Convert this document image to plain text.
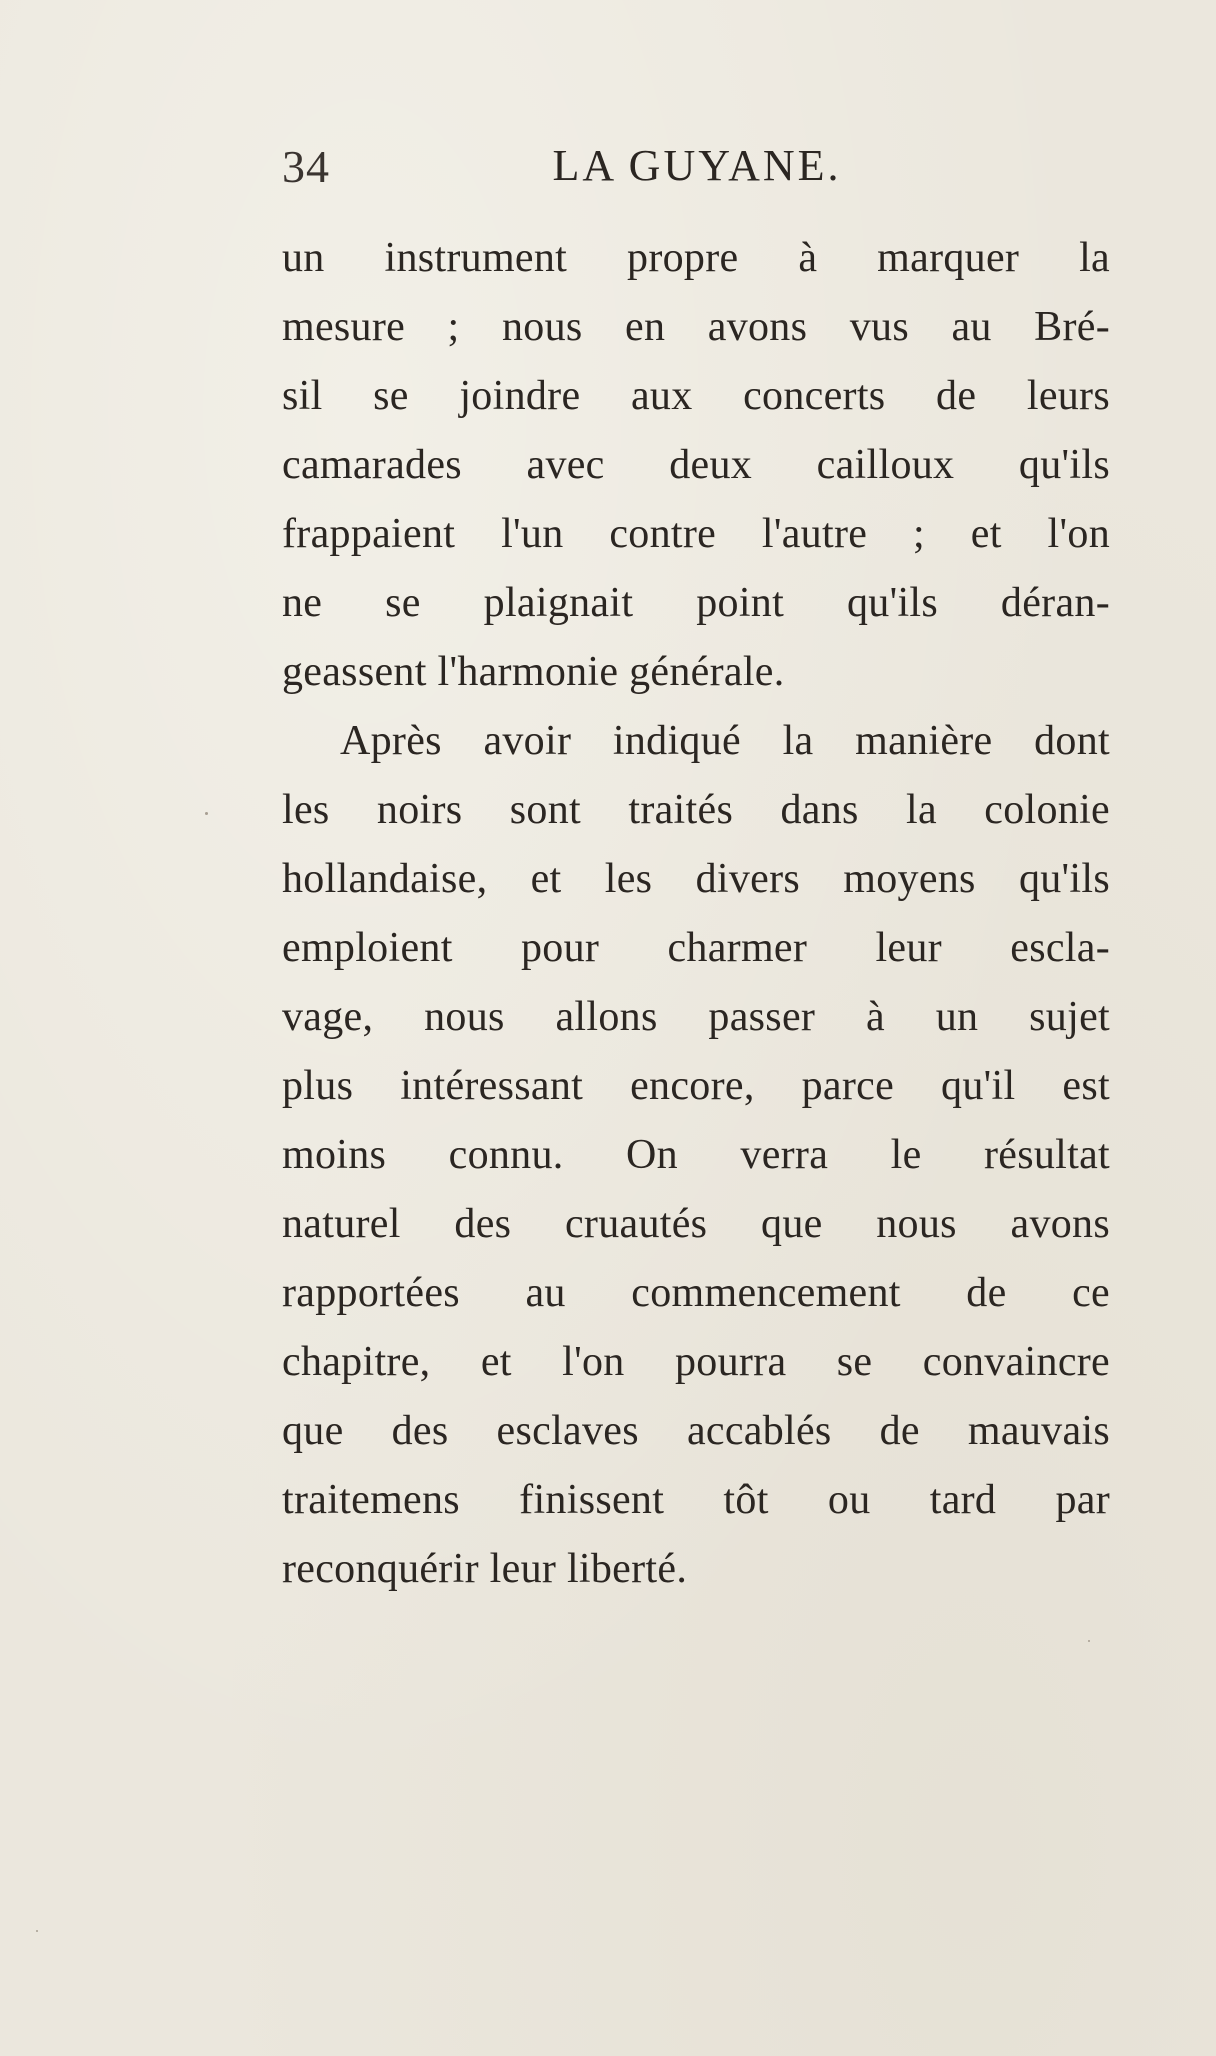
34	LA GUYANE.
un instrument propre à marquer la
mesure ; nous en avons vus au Bré-
sil se joindre aux concerts de leurs
camarades avec deux cailloux qu'ils
frappaient l'un contre l'autre ; et l'on
ne se plaignait point qu'ils déran-
geassent l'harmonie générale.
Après avoir indiqué la manière dont
les noirs sont traités dans la colonie
hollandaise, et les divers moyens qu'ils
emploient pour charmer leur escla-
vage, nous allons passer à un sujet
plus intéressant encore, parce qu'il est
moins connu. On verra le résultat
naturel des cruautés que nous avons
rapportées au commencement de ce
chapitre, et l'on pourra se convaincre
que des esclaves accablés de mauvais
traitemens finissent tôt ou tard par
reconquérir leur liberté.
